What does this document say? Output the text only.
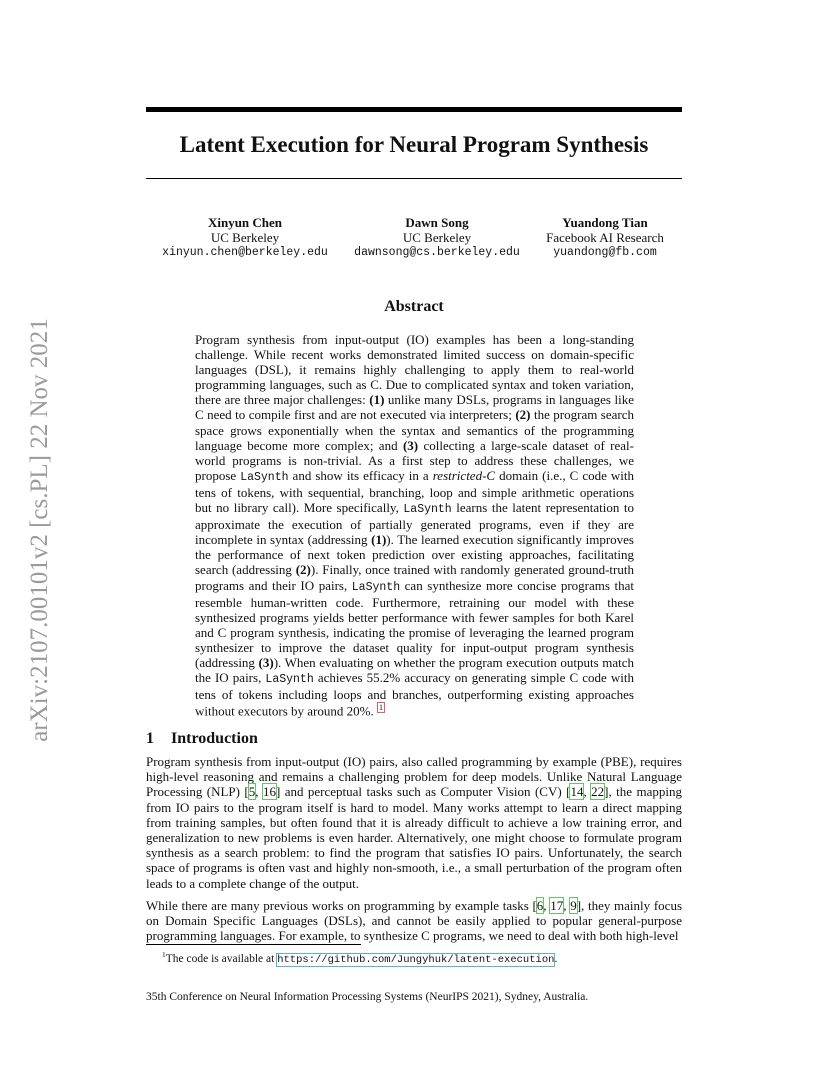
arXiv:2107.00101v2 [cs.PL] 22 Nov 2021
Latent Execution for Neural Program Synthesis
Xinyun Chen
UC Berkeley
xinyun.chen@berkeley.edu
Dawn Song
UC Berkeley
dawnsong@cs.berkeley.edu
Yuandong Tian
Facebook AI Research
yuandong@fb.com
Abstract
Program synthesis from input-output (IO) examples has been a long-standing challenge. While recent works demonstrated limited success on domain-specific languages (DSL), it remains highly challenging to apply them to real-world programming languages, such as C. Due to complicated syntax and token variation, there are three major challenges: (1) unlike many DSLs, programs in languages like C need to compile first and are not executed via interpreters; (2) the program search space grows exponentially when the syntax and semantics of the programming language become more complex; and (3) collecting a large-scale dataset of real-world programs is non-trivial. As a first step to address these challenges, we propose LaSynth and show its efficacy in a restricted-C domain (i.e., C code with tens of tokens, with sequential, branching, loop and simple arithmetic operations but no library call). More specifically, LaSynth learns the latent representation to approximate the execution of partially generated programs, even if they are incomplete in syntax (addressing (1)). The learned execution significantly improves the performance of next token prediction over existing approaches, facilitating search (addressing (2)). Finally, once trained with randomly generated ground-truth programs and their IO pairs, LaSynth can synthesize more concise programs that resemble human-written code. Furthermore, retraining our model with these synthesized programs yields better performance with fewer samples for both Karel and C program synthesis, indicating the promise of leveraging the learned program synthesizer to improve the dataset quality for input-output program synthesis (addressing (3)). When evaluating on whether the program execution outputs match the IO pairs, LaSynth achieves 55.2% accuracy on generating simple C code with tens of tokens including loops and branches, outperforming existing approaches without executors by around 20%. 1
1 Introduction

Program synthesis from input-output (IO) pairs, also called programming by example (PBE), requires high-level reasoning and remains a challenging problem for deep models. Unlike Natural Language Processing (NLP) [5, 16] and perceptual tasks such as Computer Vision (CV) [14, 22], the mapping from IO pairs to the program itself is hard to model. Many works attempt to learn a direct mapping from training samples, but often found that it is already difficult to achieve a low training error, and generalization to new problems is even harder. Alternatively, one might choose to formulate program synthesis as a search problem: to find the program that satisfies IO pairs. Unfortunately, the search space of programs is often vast and highly non-smooth, i.e., a small perturbation of the program often leads to a complete change of the output.

While there are many previous works on programming by example tasks [6, 17, 9], they mainly focus on Domain Specific Languages (DSLs), and cannot be easily applied to popular general-purpose programming languages. For example, to synthesize C programs, we need to deal with both high-level

$^1$The code is available at https://github.com/Jungyhuk/latent-execution.
35th Conference on Neural Information Processing Systems (NeurIPS 2021), Sydney, Australia.
